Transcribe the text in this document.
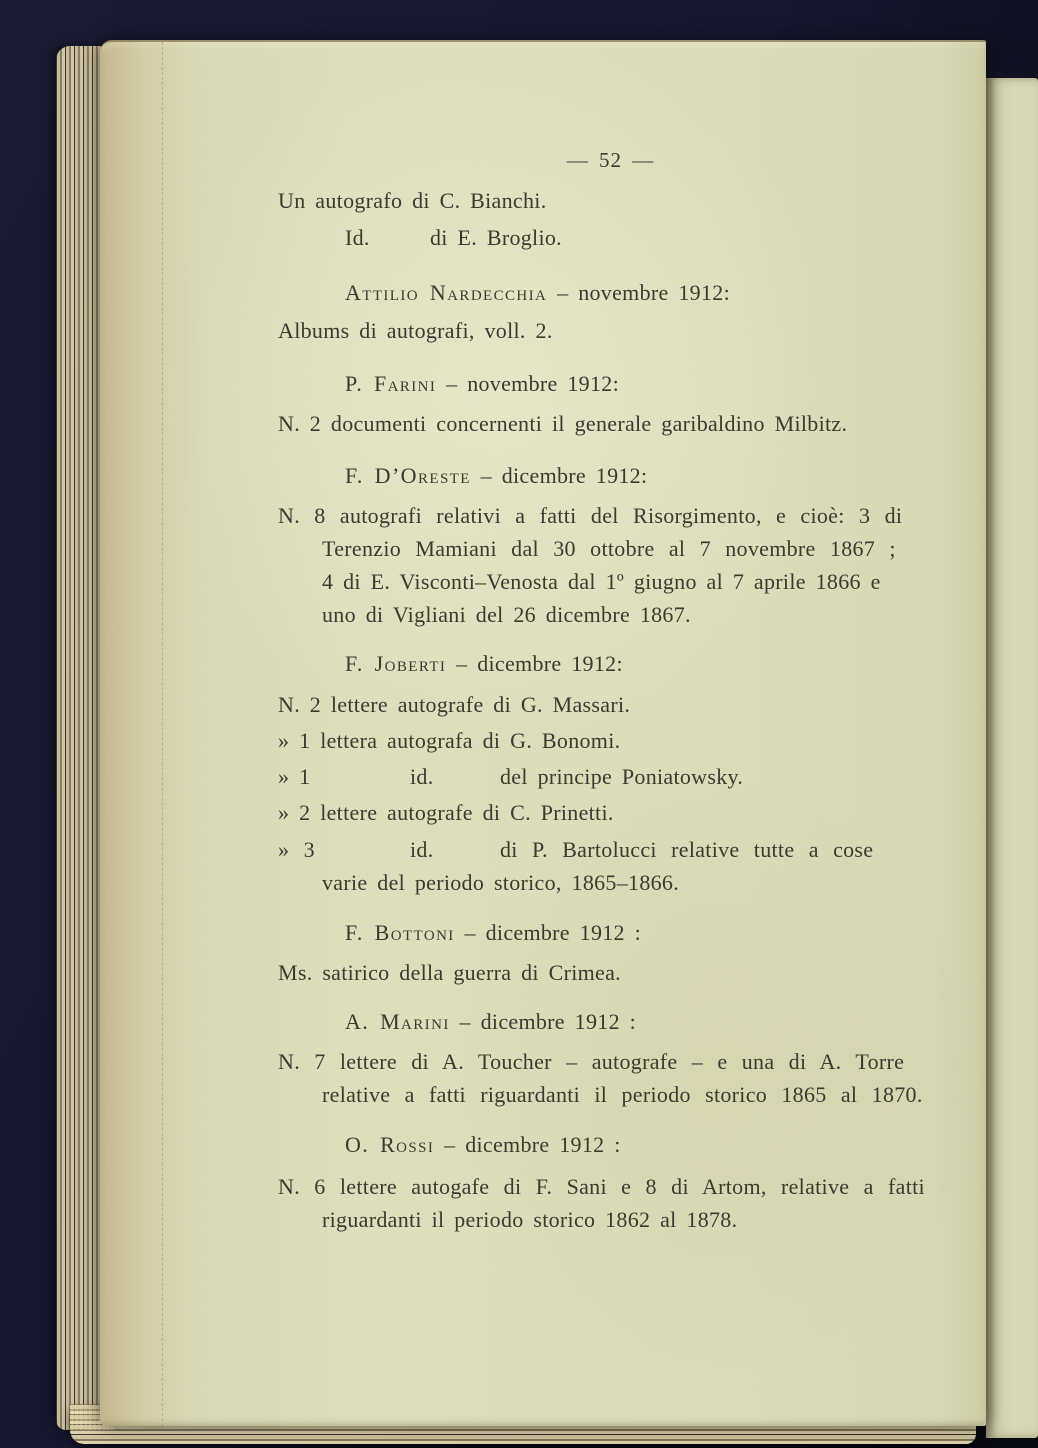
— 52 —
Un autografo di C. Bianchi.
Id.	di E. Broglio.
Attilio Nardecchia – novembre 1912:
Albums di autografi, voll. 2.
P. Farini – novembre 1912:
N. 2 documenti concernenti il generale garibaldino Milbitz.
F. D’Oreste – dicembre 1912:
N. 8 autografi relativi a fatti del Risorgimento, e cioè: 3 di
Terenzio Mamiani dal 30 ottobre al 7 novembre 1867 ;
4 di E. Visconti–Venosta dal 1º giugno al 7 aprile 1866 e
uno di Vigliani del 26 dicembre 1867.
F. Joberti – dicembre 1912:
N. 2 lettere autografe di G. Massari.
» 1 lettera autografa di G. Bonomi.
» 1	id.	del principe Poniatowsky.
» 2 lettere autografe di C. Prinetti.
» 3	id.	di P. Bartolucci relative tutte a cose
varie del periodo storico, 1865–1866.
F. Bottoni – dicembre 1912 :
Ms. satirico della guerra di Crimea.
A. Marini – dicembre 1912 :
N. 7 lettere di A. Toucher – autografe – e una di A. Torre
relative a fatti riguardanti il periodo storico 1865 al 1870.
O. Rossi – dicembre 1912 :
N. 6 lettere autogafe di F. Sani e 8 di Artom, relative a fatti
riguardanti il periodo storico 1862 al 1878.
